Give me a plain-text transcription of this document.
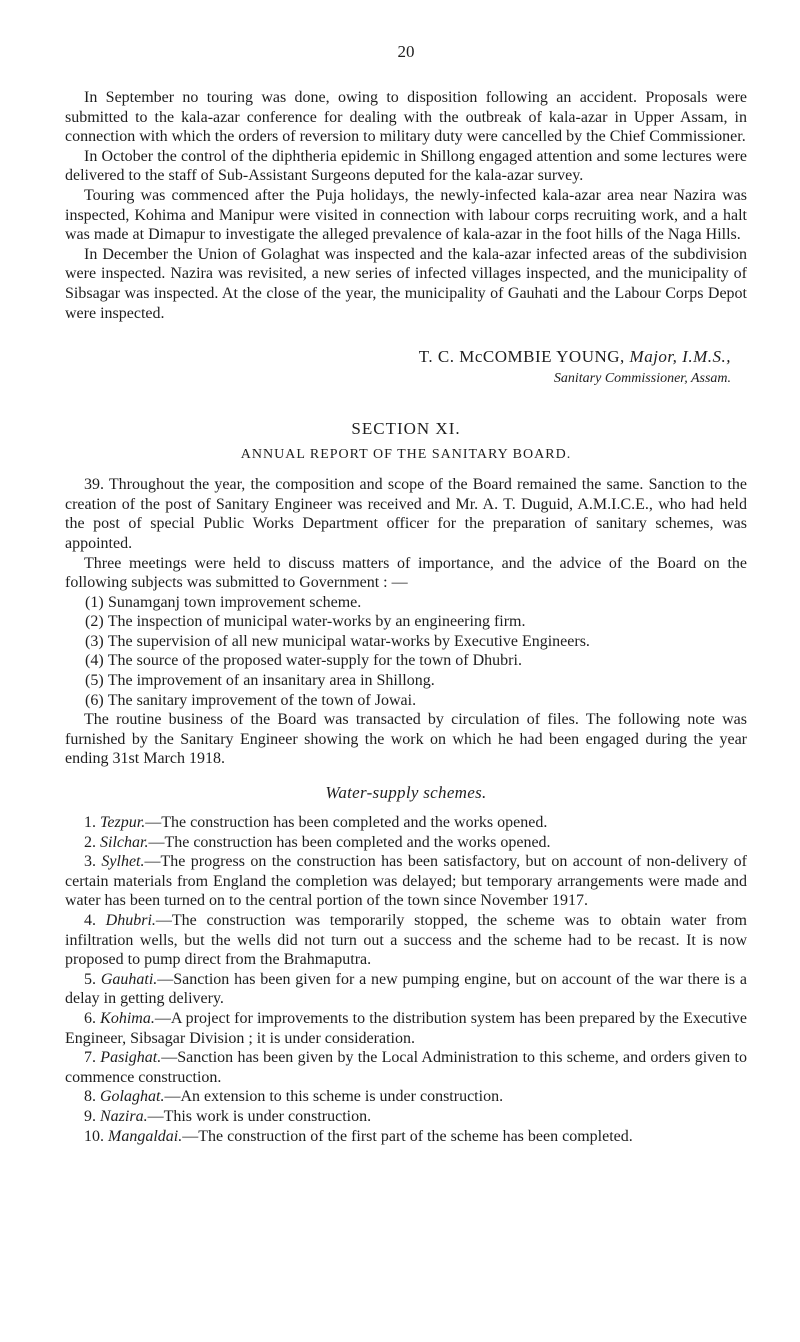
20

In September no touring was done, owing to disposition following an accident. Proposals were submitted to the kala-azar conference for dealing with the outbreak of kala-azar in Upper Assam, in connection with which the orders of reversion to military duty were cancelled by the Chief Commissioner.

In October the control of the diphtheria epidemic in Shillong engaged attention and some lectures were delivered to the staff of Sub-Assistant Surgeons deputed for the kala-azar survey.

Touring was commenced after the Puja holidays, the newly-infected kala-azar area near Nazira was inspected, Kohima and Manipur were visited in connection with labour corps recruiting work, and a halt was made at Dimapur to investigate the alleged prevalence of kala-azar in the foot hills of the Naga Hills.

In December the Union of Golaghat was inspected and the kala-azar infected areas of the subdivision were inspected. Nazira was revisited, a new series of infected villages inspected, and the municipality of Sibsagar was inspected. At the close of the year, the municipality of Gauhati and the Labour Corps Depot were inspected.

T. C. McCOMBIE YOUNG, Major, I.M.S.,
Sanitary Commissioner, Assam.
SECTION XI.
ANNUAL REPORT OF THE SANITARY BOARD.

39. Throughout the year, the composition and scope of the Board remained the same. Sanction to the creation of the post of Sanitary Engineer was received and Mr. A. T. Duguid, A.M.I.C.E., who had held the post of special Public Works Department officer for the preparation of sanitary schemes, was appointed.

Three meetings were held to discuss matters of importance, and the advice of the Board on the following subjects was submitted to Government : —

(1) Sunamganj town improvement scheme.
(2) The inspection of municipal water-works by an engineering firm.
(3) The supervision of all new municipal watar-works by Executive Engineers.
(4) The source of the proposed water-supply for the town of Dhubri.
(5) The improvement of an insanitary area in Shillong.
(6) The sanitary improvement of the town of Jowai.

The routine business of the Board was transacted by circulation of files. The following note was furnished by the Sanitary Engineer showing the work on which he had been engaged during the year ending 31st March 1918.

Water-supply schemes.

1. Tezpur.—The construction has been completed and the works opened.

2. Silchar.—The construction has been completed and the works opened.

3. Sylhet.—The progress on the construction has been satisfactory, but on account of non-delivery of certain materials from England the completion was delayed; but temporary arrangements were made and water has been turned on to the central portion of the town since November 1917.

4. Dhubri.—The construction was temporarily stopped, the scheme was to obtain water from infiltration wells, but the wells did not turn out a success and the scheme had to be recast. It is now proposed to pump direct from the Brahmaputra.

5. Gauhati.—Sanction has been given for a new pumping engine, but on account of the war there is a delay in getting delivery.

6. Kohima.—A project for improvements to the distribution system has been prepared by the Executive Engineer, Sibsagar Division ; it is under consideration.

7. Pasighat.—Sanction has been given by the Local Administration to this scheme, and orders given to commence construction.

8. Golaghat.—An extension to this scheme is under construction.

9. Nazira.—This work is under construction.

10. Mangaldai.—The construction of the first part of the scheme has been completed.
